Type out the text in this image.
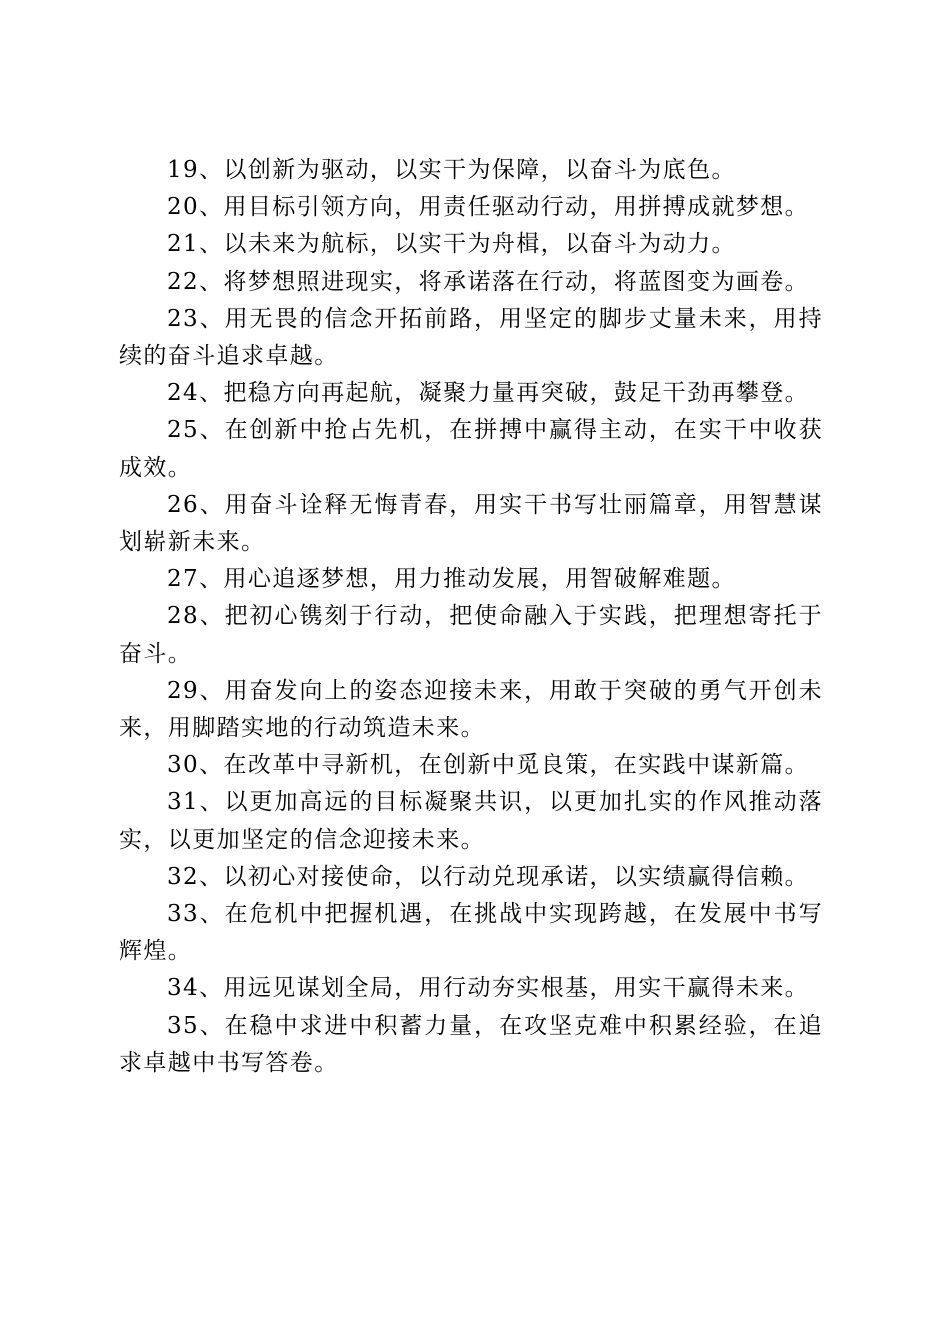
19、以创新为驱动，以实干为保障，以奋斗为底色。

20、用目标引领方向，用责任驱动行动，用拼搏成就梦想。

21、以未来为航标，以实干为舟楫，以奋斗为动力。

22、将梦想照进现实，将承诺落在行动，将蓝图变为画卷。

23、用无畏的信念开拓前路，用坚定的脚步丈量未来，用持续的奋斗追求卓越。

24、把稳方向再起航，凝聚力量再突破，鼓足干劲再攀登。

25、在创新中抢占先机，在拼搏中赢得主动，在实干中收获成效。

26、用奋斗诠释无悔青春，用实干书写壮丽篇章，用智慧谋划崭新未来。

27、用心追逐梦想，用力推动发展，用智破解难题。

28、把初心镌刻于行动，把使命融入于实践，把理想寄托于奋斗。

29、用奋发向上的姿态迎接未来，用敢于突破的勇气开创未来，用脚踏实地的行动筑造未来。

30、在改革中寻新机，在创新中觅良策，在实践中谋新篇。

31、以更加高远的目标凝聚共识，以更加扎实的作风推动落实，以更加坚定的信念迎接未来。

32、以初心对接使命，以行动兑现承诺，以实绩赢得信赖。

33、在危机中把握机遇，在挑战中实现跨越，在发展中书写辉煌。

34、用远见谋划全局，用行动夯实根基，用实干赢得未来。

35、在稳中求进中积蓄力量，在攻坚克难中积累经验，在追求卓越中书写答卷。
